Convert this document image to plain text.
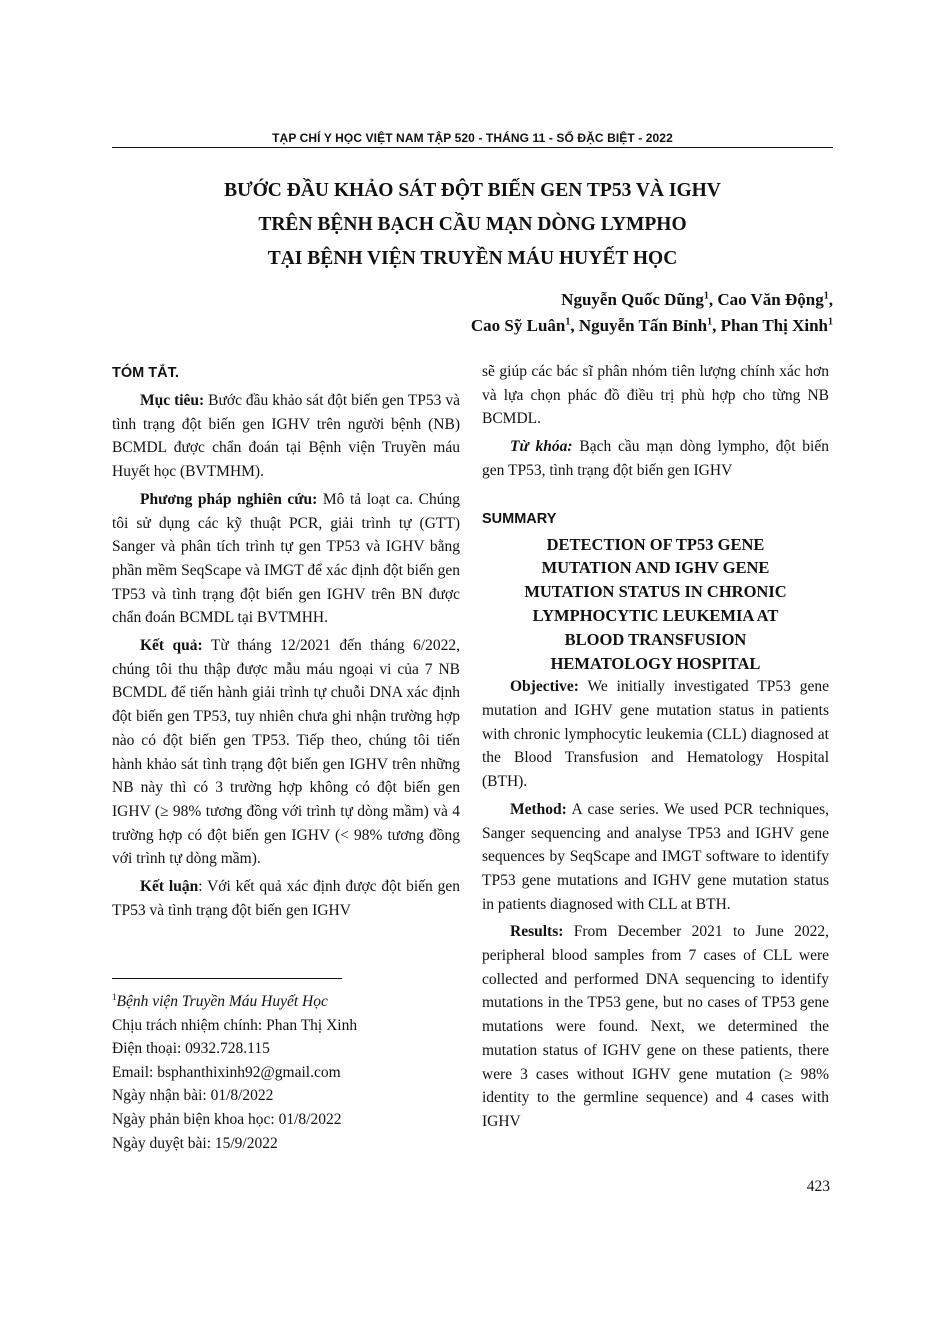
TẠP CHÍ Y HỌC VIỆT NAM TẬP 520 - THÁNG 11 - SỐ ĐẶC BIỆT - 2022
BƯỚC ĐẦU KHẢO SÁT ĐỘT BIẾN GEN TP53 VÀ IGHV
TRÊN BỆNH BẠCH CẦU MẠN DÒNG LYMPHO
TẠI BỆNH VIỆN TRUYỀN MÁU HUYẾT HỌC
Nguyễn Quốc Dũng$^1$, Cao Văn Động$^1$,
Cao Sỹ Luân$^1$, Nguyễn Tấn Bỉnh$^1$, Phan Thị Xinh$^1$

TÓM TẮT.

Mục tiêu: Bước đầu khảo sát đột biến gen TP53 và tình trạng đột biến gen IGHV trên người bệnh (NB) BCMDL được chẩn đoán tại Bệnh viện Truyền máu Huyết học (BVTMHM).

Phương pháp nghiên cứu: Mô tả loạt ca. Chúng tôi sử dụng các kỹ thuật PCR, giải trình tự (GTT) Sanger và phân tích trình tự gen TP53 và IGHV bằng phần mềm SeqScape và IMGT để xác định đột biến gen TP53 và tình trạng đột biến gen IGHV trên BN được chẩn đoán BCMDL tại BVTMHH.

Kết quả: Từ tháng 12/2021 đến tháng 6/2022, chúng tôi thu thập được mẫu máu ngoại vi của 7 NB BCMDL để tiến hành giải trình tự chuỗi DNA xác định đột biến gen TP53, tuy nhiên chưa ghi nhận trường hợp nào có đột biến gen TP53. Tiếp theo, chúng tôi tiến hành khảo sát tình trạng đột biến gen IGHV trên những NB này thì có 3 trường hợp không có đột biến gen IGHV (≥ 98% tương đồng với trình tự dòng mầm) và 4 trường hợp có đột biến gen IGHV (< 98% tương đồng với trình tự dòng mầm).

Kết luận: Với kết quả xác định được đột biến gen TP53 và tình trạng đột biến gen IGHV

$^1$Bệnh viện Truyền Máu Huyết Học
Chịu trách nhiệm chính: Phan Thị Xinh
Điện thoại: 0932.728.115
Email: bsphanthixinh92@gmail.com
Ngày nhận bài: 01/8/2022
Ngày phản biện khoa học: 01/8/2022
Ngày duyệt bài: 15/9/2022

sẽ giúp các bác sĩ phân nhóm tiên lượng chính xác hơn và lựa chọn phác đồ điều trị phù hợp cho từng NB BCMDL.

Từ khóa: Bạch cầu mạn dòng lympho, đột biến gen TP53, tình trạng đột biến gen IGHV

SUMMARY

DETECTION OF TP53 GENE

MUTATION AND IGHV GENE

MUTATION STATUS IN CHRONIC

LYMPHOCYTIC LEUKEMIA AT

BLOOD TRANSFUSION

HEMATOLOGY HOSPITAL

Objective: We initially investigated TP53 gene mutation and IGHV gene mutation status in patients with chronic lymphocytic leukemia (CLL) diagnosed at the Blood Transfusion and Hematology Hospital (BTH).

Method: A case series. We used PCR techniques, Sanger sequencing and analyse TP53 and IGHV gene sequences by SeqScape and IMGT software to identify TP53 gene mutations and IGHV gene mutation status in patients diagnosed with CLL at BTH.

Results: From December 2021 to June 2022, peripheral blood samples from 7 cases of CLL were collected and performed DNA sequencing to identify mutations in the TP53 gene, but no cases of TP53 gene mutations were found. Next, we determined the mutation status of IGHV gene on these patients, there were 3 cases without IGHV gene mutation (≥ 98% identity to the germline sequence) and 4 cases with IGHV

423
